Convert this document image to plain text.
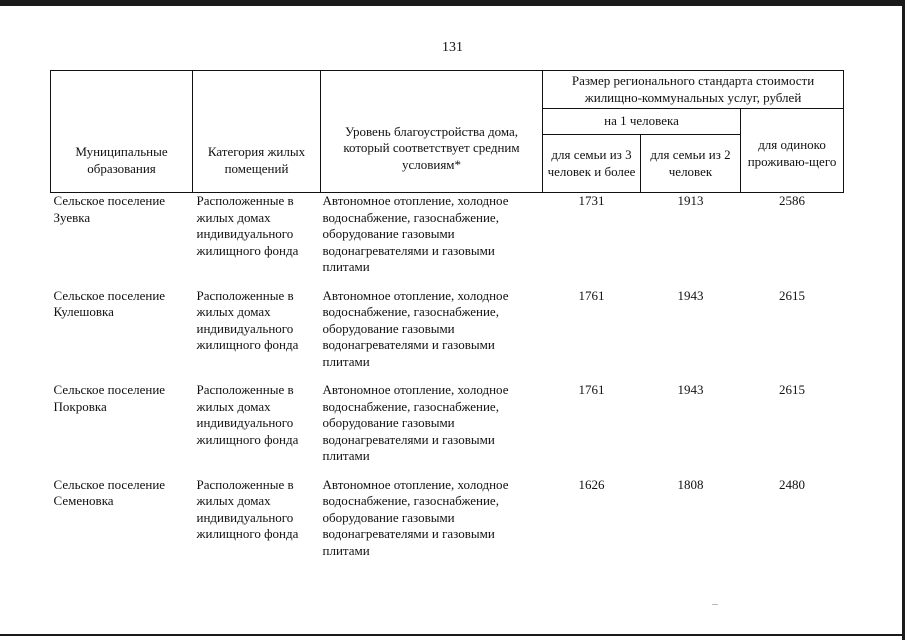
131
Муниципальные образования	Категория жилых помещений	Уровень благоустройства дома, который соответствует средним условиям*	Размер регионального стандарта стоимости жилищно-коммунальных услуг, рублей		
			на 1 человека		для одиноко проживаю-щего
			для семьи из 3 человек и более	для семьи из 2 человек	
Сельское поселение Зуевка	Расположенные в жилых домах индивидуального жилищного фонда	Автономное отопление, холодное водоснабжение, газоснабжение, оборудование газовыми водонагревателями и газовыми плитами	1731	1913	2586
Сельское поселение Кулешовка	Расположенные в жилых домах индивидуального жилищного фонда	Автономное отопление, холодное водоснабжение, газоснабжение, оборудование газовыми водонагревателями и газовыми плитами	1761	1943	2615
Сельское поселение Покровка	Расположенные в жилых домах индивидуального жилищного фонда	Автономное отопление, холодное водоснабжение, газоснабжение, оборудование газовыми водонагревателями и газовыми плитами	1761	1943	2615
Сельское поселение Семеновка	Расположенные в жилых домах индивидуального жилищного фонда	Автономное отопление, холодное водоснабжение, газоснабжение, оборудование газовыми водонагревателями и газовыми плитами	1626	1808	2480
